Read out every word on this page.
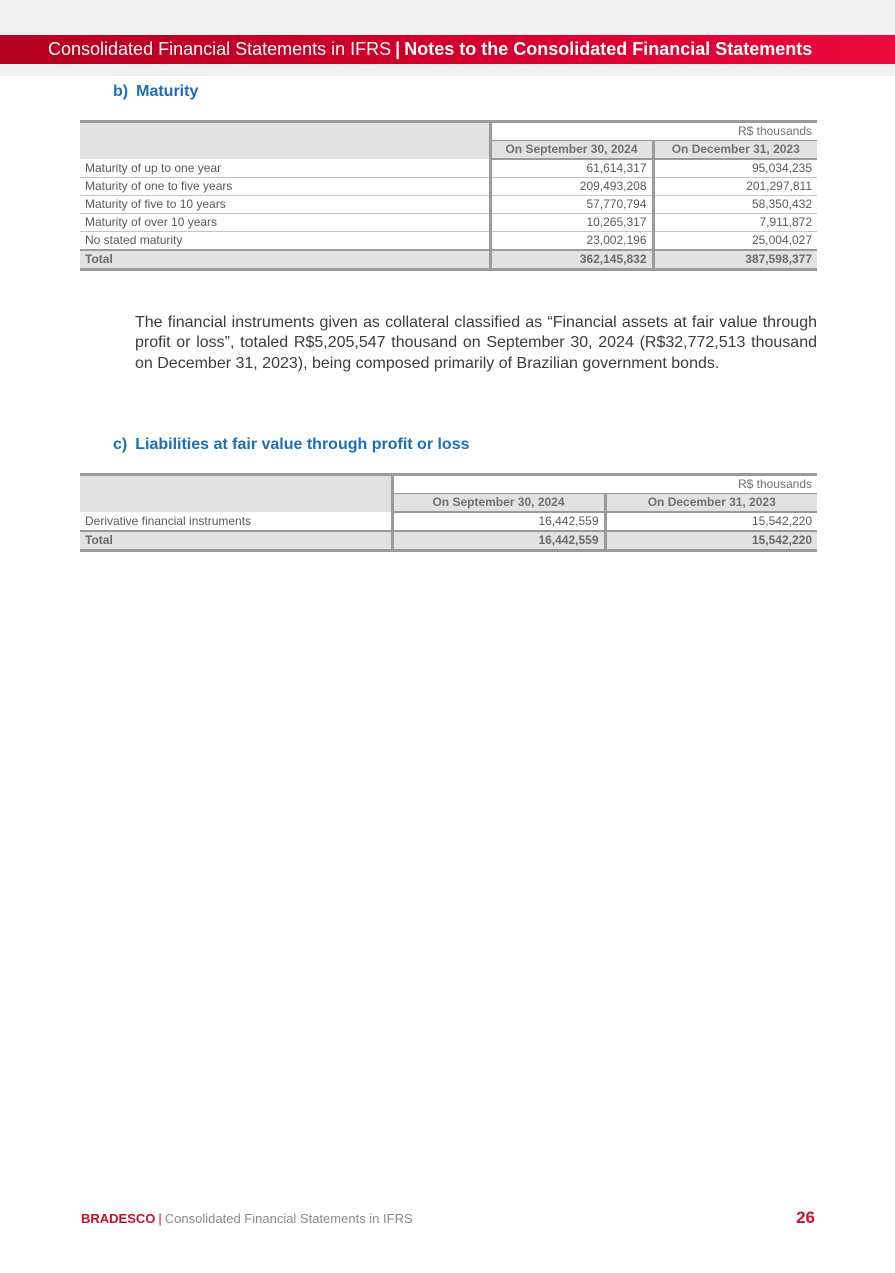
Consolidated Financial Statements in IFRS | Notes to the Consolidated Financial Statements
b) Maturity
	R$ thousands	
	On September 30, 2024	On December 31, 2023
Maturity of up to one year	61,614,317	95,034,235
Maturity of one to five years	209,493,208	201,297,811
Maturity of five to 10 years	57,770,794	58,350,432
Maturity of over 10 years	10,265,317	7,911,872
No stated maturity	23,002,196	25,004,027
Total	362,145,832	387,598,377

The financial instruments given as collateral classified as “Financial assets at fair value through profit or loss”, totaled R$5,205,547 thousand on September 30, 2024 (R$32,772,513 thousand on December 31, 2023), being composed primarily of Brazilian government bonds.

c) Liabilities at fair value through profit or loss
	R$ thousands	
	On September 30, 2024	On December 31, 2023
Derivative financial instruments	16,442,559	15,542,220
Total	16,442,559	15,542,220
BRADESCO | Consolidated Financial Statements in IFRS	26
